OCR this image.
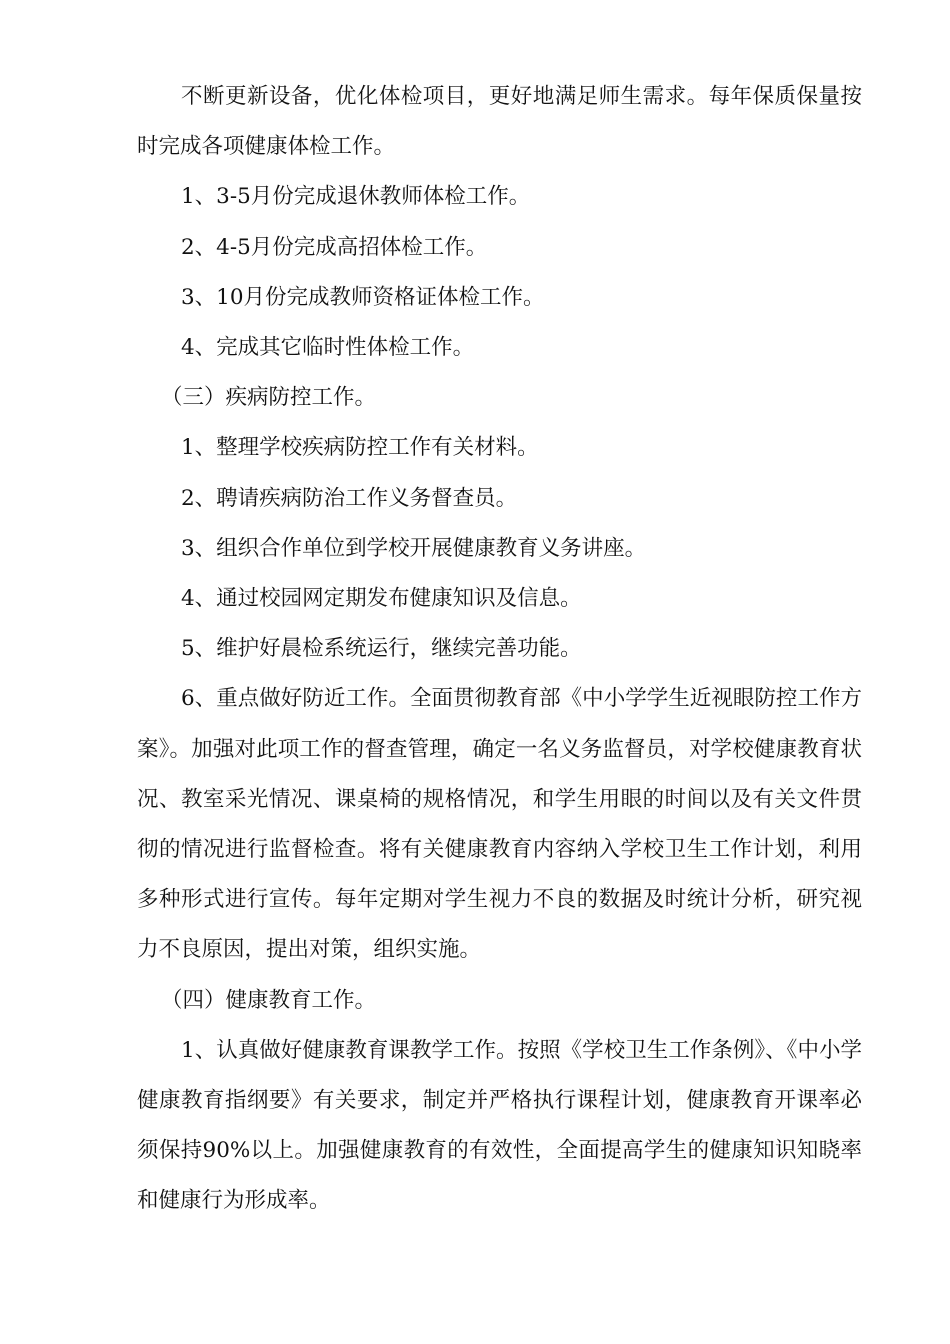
不断更新设备，优化体检项目，更好地满足师生需求。每年保质保量按时完成各项健康体检工作。

1、3-5月份完成退休教师体检工作。

2、4-5月份完成高招体检工作。

3、10月份完成教师资格证体检工作。

4、完成其它临时性体检工作。

（三）疾病防控工作。

1、整理学校疾病防控工作有关材料。

2、聘请疾病防治工作义务督查员。

3、组织合作单位到学校开展健康教育义务讲座。

4、通过校园网定期发布健康知识及信息。

5、维护好晨检系统运行，继续完善功能。

6、重点做好防近工作。全面贯彻教育部《中小学学生近视眼防控工作方案》。加强对此项工作的督查管理，确定一名义务监督员，对学校健康教育状况、教室采光情况、课桌椅的规格情况，和学生用眼的时间以及有关文件贯彻的情况进行监督检查。将有关健康教育内容纳入学校卫生工作计划，利用多种形式进行宣传。每年定期对学生视力不良的数据及时统计分析，研究视力不良原因，提出对策，组织实施。

（四）健康教育工作。

1、认真做好健康教育课教学工作。按照《学校卫生工作条例》、《中小学健康教育指纲要》有关要求，制定并严格执行课程计划，健康教育开课率必须保持90%以上。加强健康教育的有效性，全面提高学生的健康知识知晓率和健康行为形成率。
